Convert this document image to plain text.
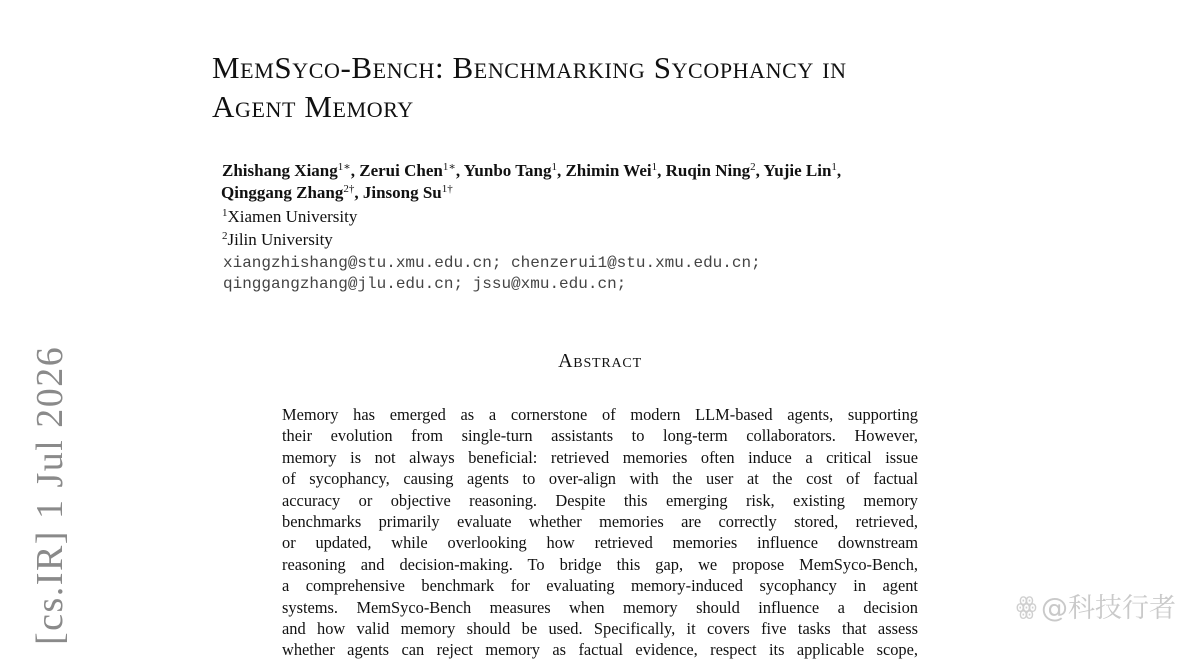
MemSyco-Bench: Benchmarking Sycophancy in
Agent Memory
Zhishang Xiang$^{1∗}$, Zerui Chen$^{1∗}$, Yunbo Tang$^1$, Zhimin Wei$^1$, Ruqin Ning$^2$, Yujie Lin$^1$,
Qinggang Zhang$^{2\dagger}$, Jinsong $Su^{1\dagger}$
$^1$Xiamen University
$^2$Jilin University
xiangzhishang@stu.xmu.edu.cn; chenzerui1@stu.xmu.edu.cn;
qinggangzhang@jlu.edu.cn; jssu@xmu.edu.cn;
Abstract
Memory has emerged as a cornerstone of modern LLM-based agents, supporting
their evolution from single-turn assistants to long-term collaborators. However,
memory is not always beneficial: retrieved memories often induce a critical issue
of sycophancy, causing agents to over-align with the user at the cost of factual
accuracy or objective reasoning. Despite this emerging risk, existing memory
benchmarks primarily evaluate whether memories are correctly stored, retrieved,
or updated, while overlooking how retrieved memories influence downstream
reasoning and decision-making. To bridge this gap, we propose MemSyco-Bench,
a comprehensive benchmark for evaluating memory-induced sycophancy in agent
systems. MemSyco-Bench measures when memory should influence a decision
and how valid memory should be used. Specifically, it covers five tasks that assess
whether agents can reject memory as factual evidence, respect its applicable scope,
[cs.IR] 1 Jul 2026	ꙮ @科技行者
